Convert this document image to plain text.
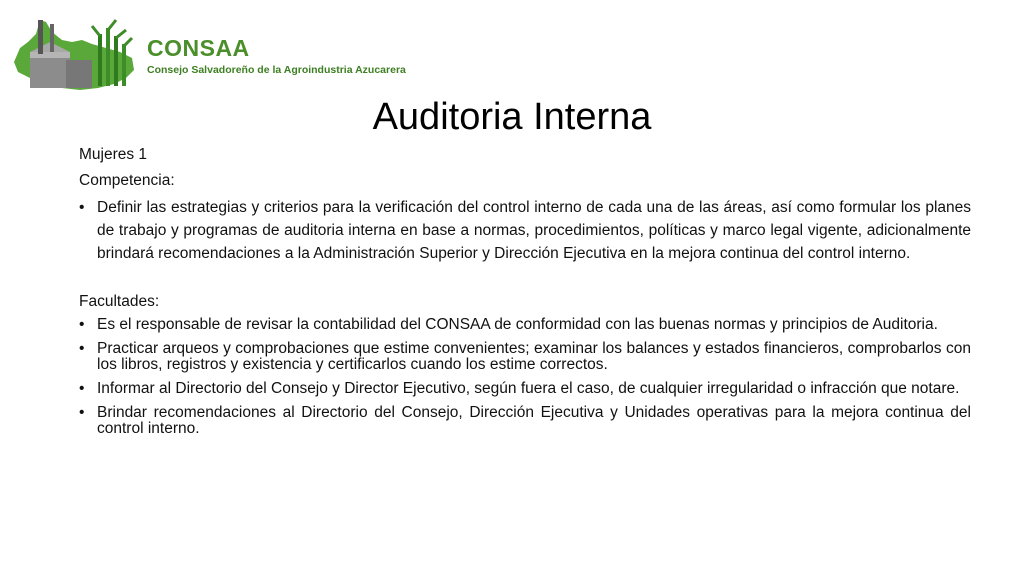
CONSAA
Consejo Salvadoreño de la Agroindustria Azucarera
Auditoria Interna

Mujeres 1

Competencia:

• Definir las estrategias y criterios para la verificación del control interno de cada una de las áreas, así como formular los planes de trabajo y programas de auditoria interna en base a normas, procedimientos, políticas y marco legal vigente, adicionalmente brindará recomendaciones a la Administración Superior y Dirección Ejecutiva en la mejora continua del control interno.

Facultades:

• Es el responsable de revisar la contabilidad del CONSAA de conformidad con las buenas normas y principios de Auditoria.
• Practicar arqueos y comprobaciones que estime convenientes; examinar los balances y estados financieros, comprobarlos con los libros, registros y existencia y certificarlos cuando los estime correctos.
• Informar al Directorio del Consejo y Director Ejecutivo, según fuera el caso, de cualquier irregularidad o infracción que notare.
• Brindar recomendaciones al Directorio del Consejo, Dirección Ejecutiva y Unidades operativas para la mejora continua del control interno.
